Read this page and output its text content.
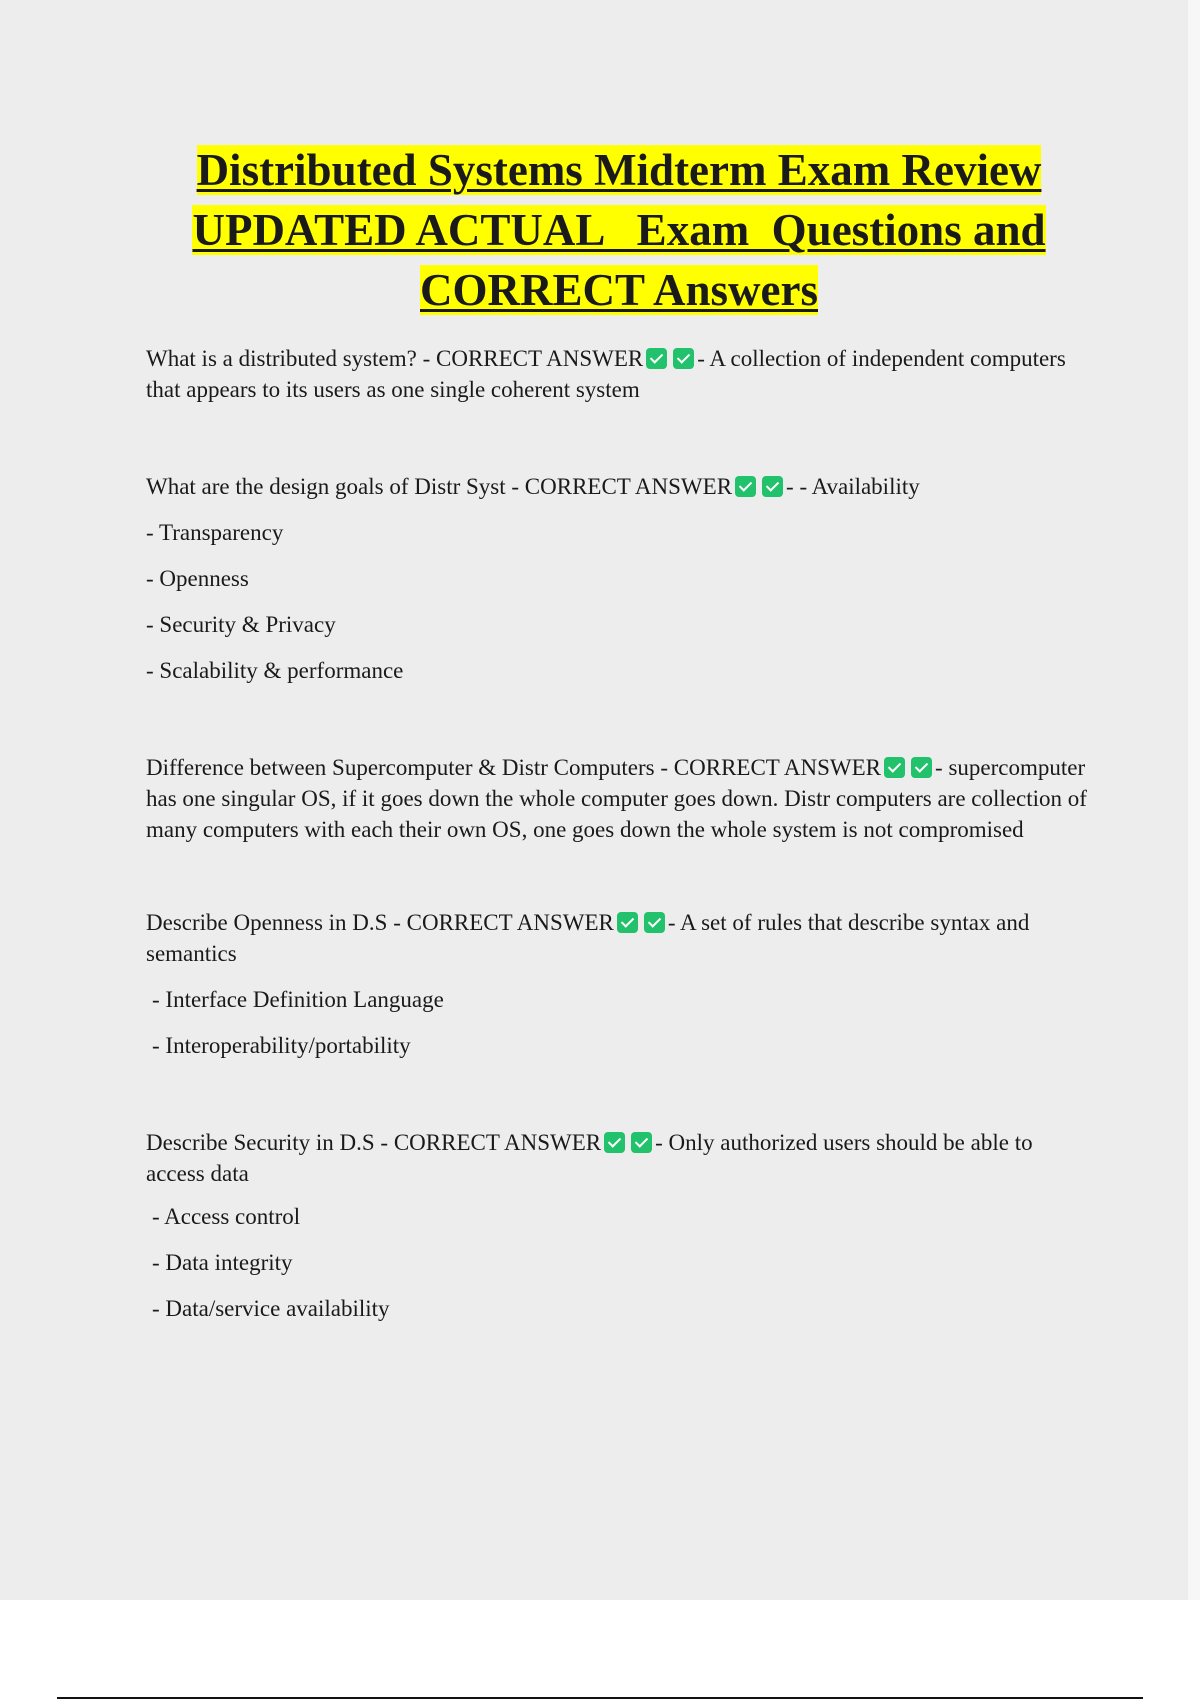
Distributed Systems Midterm Exam Review
UPDATED ACTUAL   Exam  Questions and
CORRECT Answers

What is a distributed system? - CORRECT ANSWER - A collection of independent computers that appears to its users as one single coherent system

What are the design goals of Distr Syst - CORRECT ANSWER - - Availability

- Transparency

- Openness

- Security & Privacy

- Scalability & performance

Difference between Supercomputer & Distr Computers - CORRECT ANSWER - supercomputer has one singular OS, if it goes down the whole computer goes down. Distr computers are collection of many computers with each their own OS, one goes down the whole system is not compromised

Describe Openness in D.S - CORRECT ANSWER - A set of rules that describe syntax and semantics

- Interface Definition Language

- Interoperability/portability

Describe Security in D.S - CORRECT ANSWER - Only authorized users should be able to access data

- Access control

- Data integrity

- Data/service availability
